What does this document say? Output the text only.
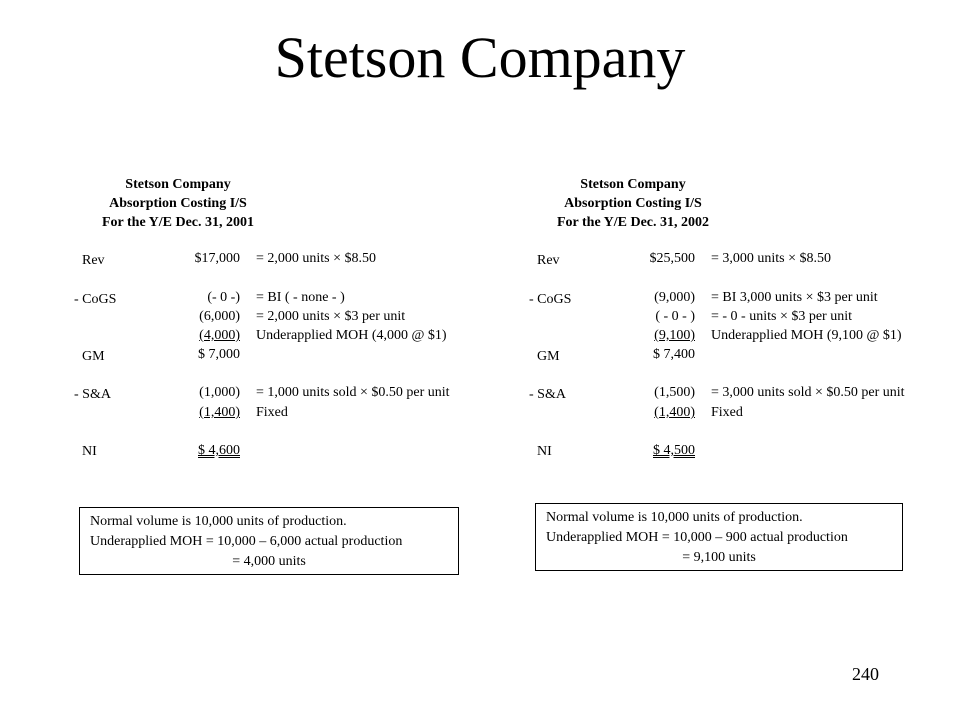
Stetson Company
Stetson Company
Absorption Costing I/S
For the Y/E Dec. 31, 2001
Rev	$17,000 = 2,000 units × $8.50
- CoGS	(- 0 -) = BI ( - none - )
(6,000) = 2,000 units × $3 per unit
(4,000) Underapplied MOH (4,000 @ $1)
GM	$ 7,000
- S&A	(1,000) = 1,000 units sold × $0.50 per unit
(1,400) Fixed
NI	$ 4,600
Normal volume is 10,000 units of production.
Underapplied MOH = 10,000 – 6,000 actual production
= 4,000 units
Stetson Company
Absorption Costing I/S
For the Y/E Dec. 31, 2002
Rev	$25,500 = 3,000 units × $8.50
- CoGS	(9,000) = BI 3,000 units × $3 per unit
( - 0 - ) = - 0 - units × $3 per unit
(9,100) Underapplied MOH (9,100 @ $1)
GM	$ 7,400
- S&A	(1,500) = 3,000 units sold × $0.50 per unit
(1,400) Fixed
NI	$ 4,500
Normal volume is 10,000 units of production.
Underapplied MOH = 10,000 – 900 actual production
= 9,100 units
240
